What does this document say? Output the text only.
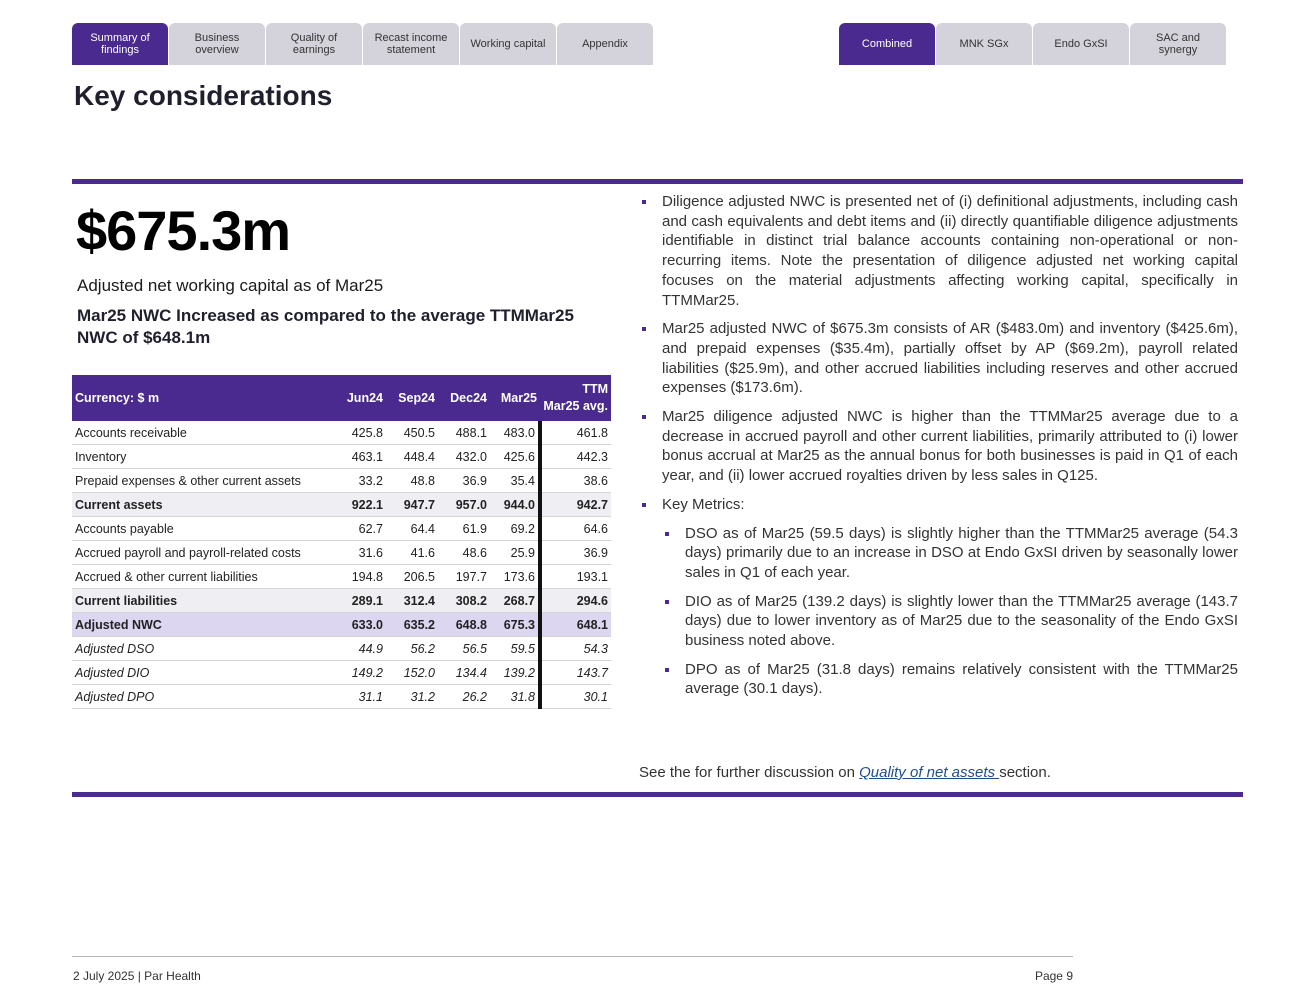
Summary of
findings
Business
overview
Quality of
earnings
Recast income
statement	Working capital	Appendix	Combined	MNK SGx	Endo GxSI	SAC and
synergy
Key considerations
$675.3m
Adjusted net working capital as of Mar25
Mar25 NWC Increased as compared to the average TTMMar25 NWC of $648.1m
Currency: $ m	Jun24	Sep24	Dec24	Mar25	TTM
Mar25 avg.
Accounts receivable	425.8	450.5	488.1	483.0	461.8
Inventory	463.1	448.4	432.0	425.6	442.3
Prepaid expenses & other current assets	33.2	48.8	36.9	35.4	38.6
Current assets	922.1	947.7	957.0	944.0	942.7
Accounts payable	62.7	64.4	61.9	69.2	64.6
Accrued payroll and payroll-related costs	31.6	41.6	48.6	25.9	36.9
Accrued & other current liabilities	194.8	206.5	197.7	173.6	193.1
Current liabilities	289.1	312.4	308.2	268.7	294.6
Adjusted NWC	633.0	635.2	648.8	675.3	648.1
Adjusted DSO	44.9	56.2	56.5	59.5	54.3
Adjusted DIO	149.2	152.0	134.4	139.2	143.7
Adjusted DPO	31.1	31.2	26.2	31.8	30.1
Diligence adjusted NWC is presented net of (i) definitional adjustments, including cash and cash equivalents and debt items and (ii) directly quantifiable diligence adjustments identifiable in distinct trial balance accounts containing non-operational or non-recurring items. Note the presentation of diligence adjusted net working capital focuses on the material adjustments affecting working capital, specifically in TTMMar25.
Mar25 adjusted NWC of $675.3m consists of AR ($483.0m) and inventory ($425.6m), and prepaid expenses ($35.4m), partially offset by AP ($69.2m), payroll related liabilities ($25.9m), and other accrued liabilities including reserves and other accrued expenses ($173.6m).
Mar25 diligence adjusted NWC is higher than the TTMMar25 average due to a decrease in accrued payroll and other current liabilities, primarily attributed to (i) lower bonus accrual at Mar25 as the annual bonus for both businesses is paid in Q1 of each year, and (ii) lower accrued royalties driven by less sales in Q125.
Key Metrics:
DSO as of Mar25 (59.5 days) is slightly higher than the TTMMar25 average (54.3 days) primarily due to an increase in DSO at Endo GxSI driven by seasonally lower sales in Q1 of each year.
DIO as of Mar25 (139.2 days) is slightly lower than the TTMMar25 average (143.7 days) due to lower inventory as of Mar25 due to the seasonality of the Endo GxSI business noted above.
DPO as of Mar25 (31.8 days) remains relatively consistent with the TTMMar25 average (30.1 days).
See the for further discussion on Quality of net assets section.
2 July 2025 | Par Health	Page 9
